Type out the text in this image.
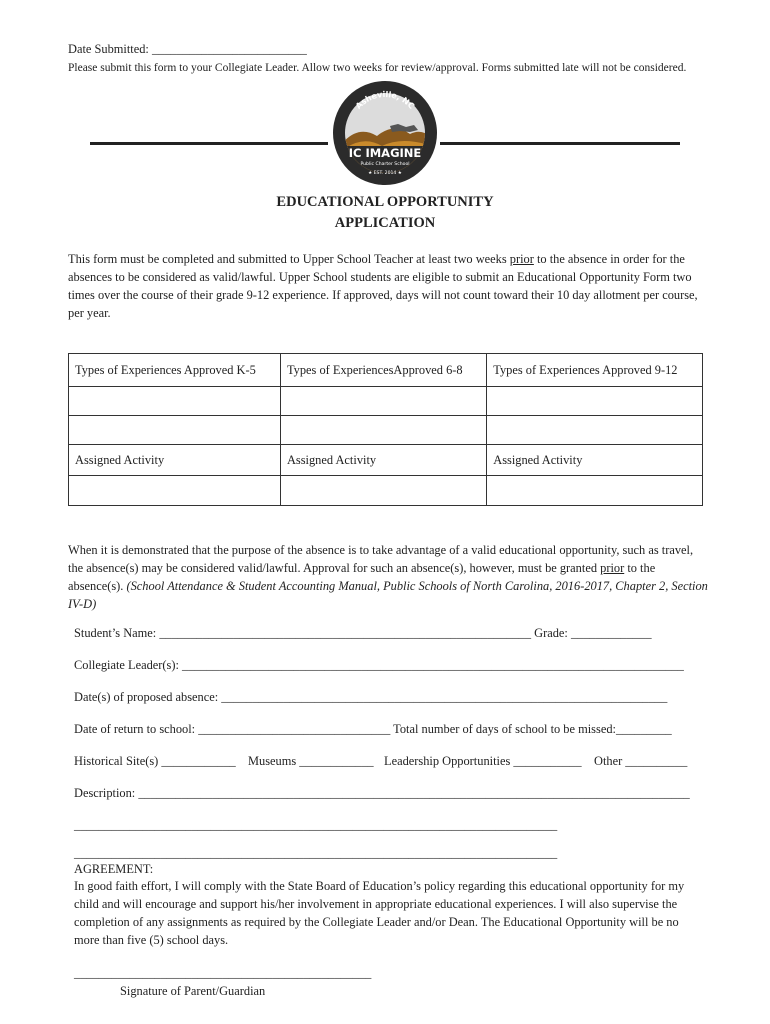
Date Submitted: _________________________
Please submit this form to your Collegiate Leader. Allow two weeks for review/approval. Forms submitted late will not be considered.
Asheville, NC
IC IMAGINE
Public Charter School
★ EST. 2014 ★
EDUCATIONAL OPPORTUNITY
APPLICATION
This form must be completed and submitted to Upper School Teacher at least two weeks prior to the absence in order for the absences to be considered as valid/lawful. Upper School students are eligible to submit an Educational Opportunity Form two times over the course of their grade 9-12 experience. If approved, days will not count toward their 10 day allotment per course, per year.
Types of Experiences Approved K-5	Types of ExperiencesApproved 6-8	Types of Experiences Approved 9-12

Assigned Activity	Assigned Activity	Assigned Activity

When it is demonstrated that the purpose of the absence is to take advantage of a valid educational opportunity, such as travel, the absence(s) may be considered valid/lawful. Approval for such an absence(s), however, must be granted prior to the absence(s). (School Attendance & Student Accounting Manual, Public Schools of North Carolina, 2016-2017, Chapter 2, Section IV-D)
Student’s Name: ____________________________________________________________ Grade: _____________
Collegiate Leader(s): _________________________________________________________________________________
Date(s) of proposed absence: ________________________________________________________________________
Date of return to school: _______________________________ Total number of days of school to be missed:_________
Historical Site(s) ____________ Museums ____________ Leadership Opportunities ___________ Other __________
Description: _________________________________________________________________________________________
______________________________________________________________________________
______________________________________________________________________________
AGREEMENT:
In good faith effort, I will comply with the State Board of Education’s policy regarding this educational opportunity for my child and will encourage and support his/her involvement in appropriate educational experiences. I will also supervise the completion of any assignments as required by the Collegiate Leader and/or Dean. The Educational Opportunity will be no more than five (5) school days.
________________________________________________
Signature of Parent/Guardian
